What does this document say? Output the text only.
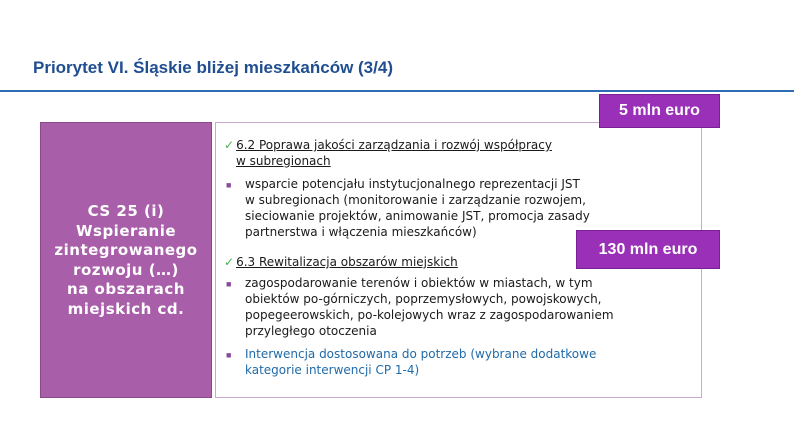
Priorytet VI. Śląskie bliżej mieszkańców (3/4)
CS 25 (i)
Wspieranie
zintegrowanego
rozwoju (…)
na obszarach
miejskich cd.
✓ 6.2 Poprawa jakości zarządzania i rozwój współpracy
w subregionach
■ wsparcie potencjału instytucjonalnego reprezentacji JST
w subregionach (monitorowanie i zarządzanie rozwojem,
sieciowanie projektów, animowanie JST, promocja zasady
partnerstwa i włączenia mieszkańców)
✓ 6.3 Rewitalizacja obszarów miejskich
■ zagospodarowanie terenów i obiektów w miastach, w tym
obiektów po-górniczych, poprzemysłowych, powojskowych,
popegeerowskich, po-kolejowych wraz z zagospodarowaniem
przyległego otoczenia
■ Interwencja dostosowana do potrzeb (wybrane dodatkowe
kategorie interwencji CP 1-4)
5 mln euro
130 mln euro
